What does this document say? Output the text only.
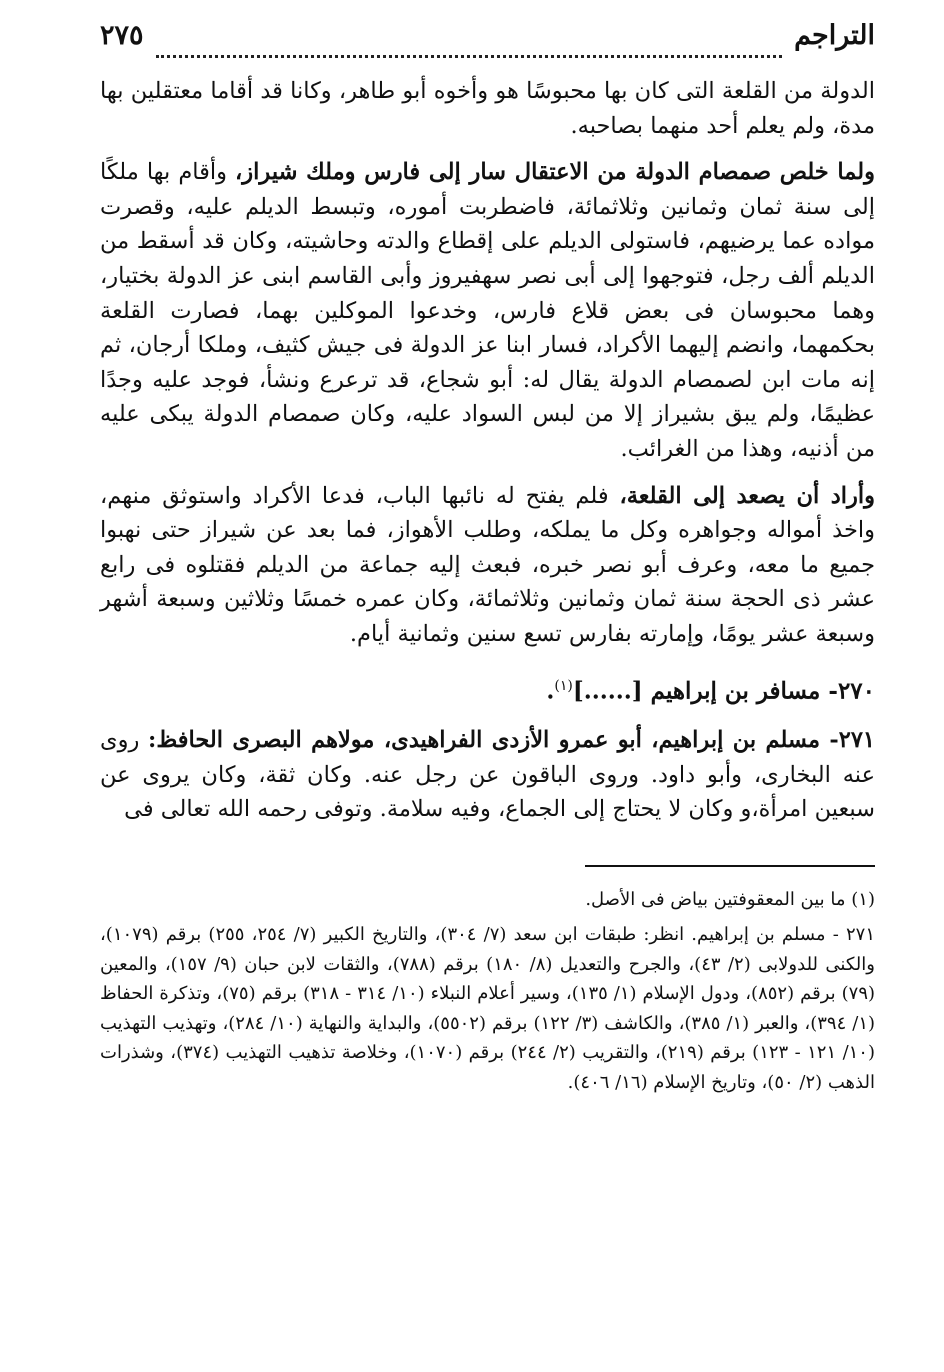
التراجم
٢٧٥

الدولة من القلعة التى كان بها محبوسًا هو وأخوه أبو طاهر، وكانا قد أقاما معتقلين بها مدة، ولم يعلم أحد منهما بصاحبه.

ولما خلص صمصام الدولة من الاعتقال سار إلى فارس وملك شيراز، وأقام بها ملكًا إلى سنة ثمان وثمانين وثلاثمائة، فاضطربت أموره، وتبسط الديلم عليه، وقصرت مواده عما يرضيهم، فاستولى الديلم على إقطاع والدته وحاشيته، وكان قد أسقط من الديلم ألف رجل، فتوجهوا إلى أبى نصر سهفيروز وأبى القاسم ابنى عز الدولة بختيار، وهما محبوسان فى بعض قلاع فارس، وخدعوا الموكلين بهما، فصارت القلعة بحكمهما، وانضم إليهما الأكراد، فسار ابنا عز الدولة فى جيش كثيف، وملكا أرجان، ثم إنه مات ابن لصمصام الدولة يقال له: أبو شجاع، قد ترعرع ونشأ، فوجد عليه وجدًا عظيمًا، ولم يبق بشيراز إلا من لبس السواد عليه، وكان صمصام الدولة يبكى عليه من أذنيه، وهذا من الغرائب.

وأراد أن يصعد إلى القلعة، فلم يفتح له نائبها الباب، فدعا الأكراد واستوثق منهم، واخذ أمواله وجواهره وكل ما يملكه، وطلب الأهواز، فما بعد عن شيراز حتى نهبوا جميع ما معه، وعرف أبو نصر خبره، فبعث إليه جماعة من الديلم فقتلوه فى رابع عشر ذى الحجة سنة ثمان وثمانين وثلاثمائة، وكان عمره خمسًا وثلاثين وسبعة أشهر وسبعة عشر يومًا، وإمارته بفارس تسع سنين وثمانية أيام.

٢٧٠- مسافر بن إبراهيم [......]$^{(١)}$.

٢٧١- مسلم بن إبراهيم، أبو عمرو الأزدى الفراهيدى، مولاهم البصرى الحافظ: روى عنه البخارى، وأبو داود. وروى الباقون عن رجل عنه. وكان ثقة، وكان يروى عن سبعين امرأة،و وكان لا يحتاج إلى الجماع، وفيه سلامة. وتوفى رحمه الله تعالى فى

(١) ما بين المعقوفتين بياض فى الأصل.

٢٧١ - مسلم بن إبراهيم. انظر: طبقات ابن سعد (٧/ ٣٠٤)، والتاريخ الكبير (٧/ ٢٥٤، ٢٥٥) برقم (١٠٧٩)، والكنى للدولابى (٢/ ٤٣)، والجرح والتعديل (٨/ ١٨٠) برقم (٧٨٨)، والثقات لابن حبان (٩/ ١٥٧)، والمعين (٧٩) برقم (٨٥٢)، ودول الإسلام (١/ ١٣٥)، وسير أعلام النبلاء (١٠/ ٣١٤ - ٣١٨) برقم (٧٥)، وتذكرة الحفاظ (١/ ٣٩٤)، والعبر (١/ ٣٨٥)، والكاشف (٣/ ١٢٢) برقم (٥٥٠٢)، والبداية والنهاية (١٠/ ٢٨٤)، وتهذيب التهذيب (١٠/ ١٢١ - ١٢٣) برقم (٢١٩)، والتقريب (٢/ ٢٤٤) برقم (١٠٧٠)، وخلاصة تذهيب التهذيب (٣٧٤)، وشذرات الذهب (٢/ ٥٠)، وتاريخ الإسلام (١٦/ ٤٠٦).
